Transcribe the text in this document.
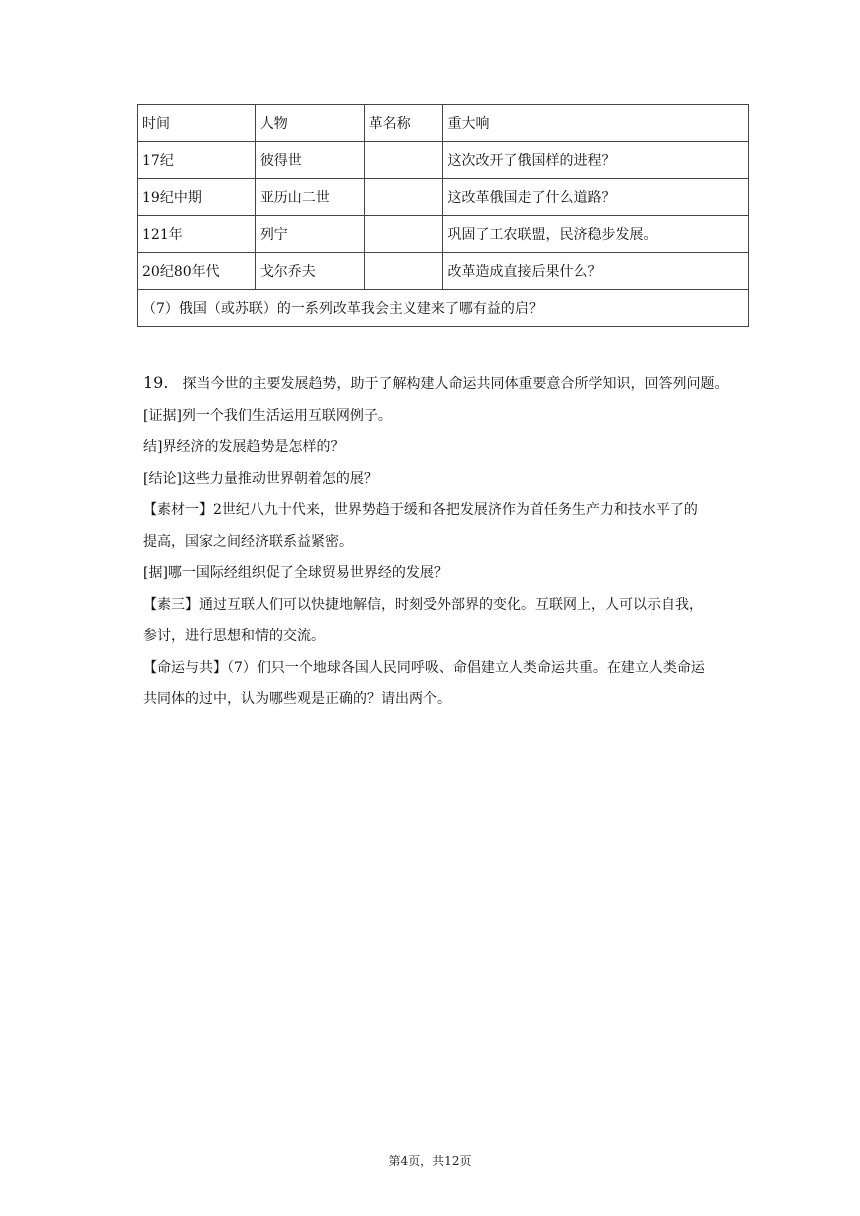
时间	人物	革名称	重大响
17纪	彼得世		这次改开了俄国样的进程？
19纪中期	亚历山二世		这改革俄国走了什么道路？
121年	列宁		巩固了工农联盟，民济稳步发展。
20纪80年代	戈尔乔夫		改革造成直接后果什么？
（7）俄国（或苏联）的一系列改革我会主义建来了哪有益的启？			
19. 探当今世的主要发展趋势，助于了解构建人命运共同体重要意合所学知识，回答列问题。
[证据]列一个我们生活运用互联网例子。
结]界经济的发展趋势是怎样的？
[结论]这些力量推动世界朝着怎的展？
【素材一】2世纪八九十代来，世界势趋于缓和各把发展济作为首任务生产力和技水平了的
提高，国家之间经济联系益紧密。
[据]哪一国际经组织促了全球贸易世界经的发展？
【素三】通过互联人们可以快捷地解信，时刻受外部界的变化。互联网上，人可以示自我，
参讨，进行思想和情的交流。
【命运与共】（7）们只一个地球各国人民同呼吸、命倡建立人类命运共重。在建立人类命运
共同体的过中，认为哪些观是正确的？请出两个。
第4页，共12页
